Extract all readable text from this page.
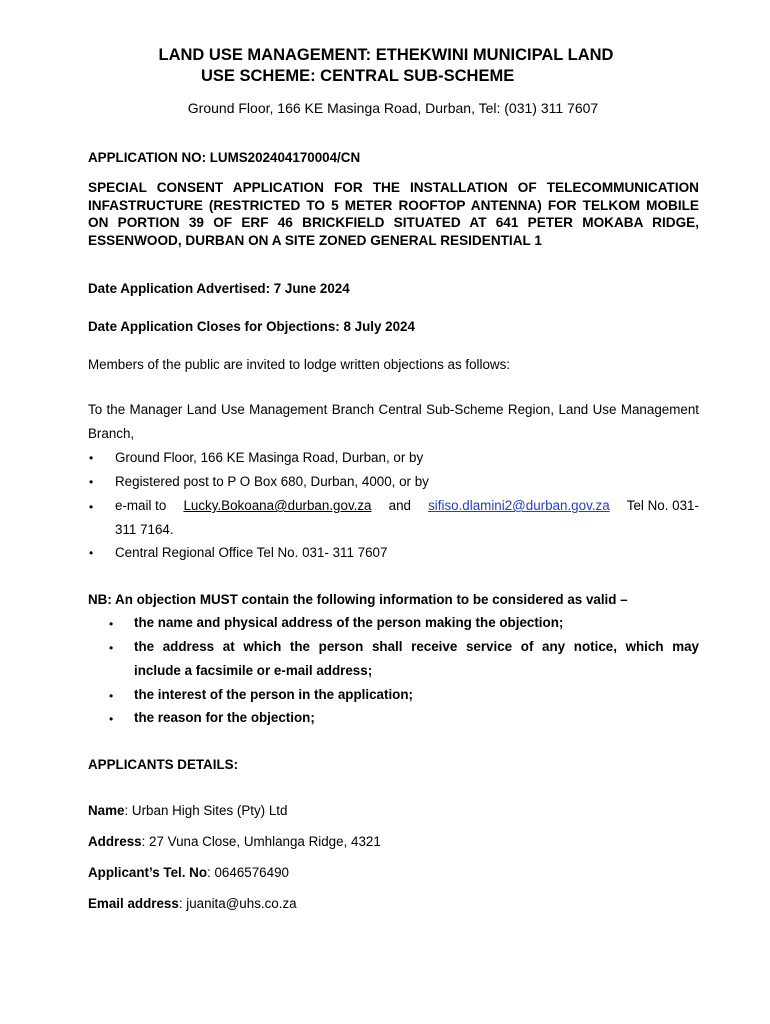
LAND USE MANAGEMENT: ETHEKWINI MUNICIPAL LAND
USE SCHEME: CENTRAL SUB-SCHEME
Ground Floor, 166 KE Masinga Road, Durban, Tel: (031) 311 7607
APPLICATION NO: LUMS202404170004/CN
SPECIAL CONSENT APPLICATION FOR THE INSTALLATION OF TELECOMMUNICATION INFASTRUCTURE (RESTRICTED TO 5 METER ROOFTOP ANTENNA) FOR TELKOM MOBILE ON PORTION 39 OF ERF 46 BRICKFIELD SITUATED AT 641 PETER MOKABA RIDGE, ESSENWOOD, DURBAN ON A SITE ZONED GENERAL RESIDENTIAL 1
Date Application Advertised: 7 June 2024
Date Application Closes for Objections: 8 July 2024
Members of the public are invited to lodge written objections as follows:
To the Manager Land Use Management Branch Central Sub-Scheme Region, Land Use Management Branch,
• Ground Floor, 166 KE Masinga Road, Durban, or by
• Registered post to P O Box 680, Durban, 4000, or by
• e-mail to Lucky.Bokoana@durban.gov.za and sifiso.dlamini2@durban.gov.za Tel No. 031-
311 7164.
• Central Regional Office Tel No. 031- 311 7607
NB: An objection MUST contain the following information to be considered as valid –
• the name and physical address of the person making the objection;
• the address at which the person shall receive service of any notice, which may
include a facsimile or e-mail address;
• the interest of the person in the application;
• the reason for the objection;
APPLICANTS DETAILS:
Name: Urban High Sites (Pty) Ltd
Address: 27 Vuna Close, Umhlanga Ridge, 4321
Applicant’s Tel. No: 0646576490
Email address: juanita@uhs.co.za
